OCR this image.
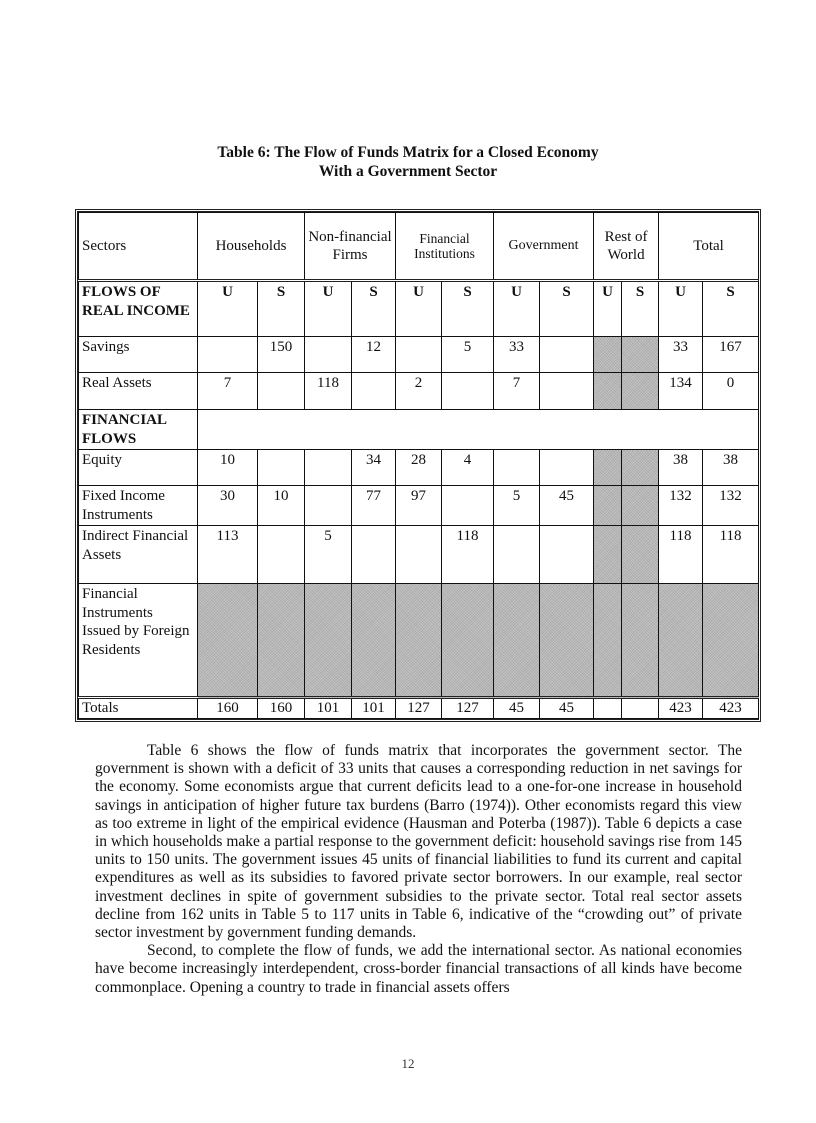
Table 6: The Flow of Funds Matrix for a Closed Economy
With a Government Sector
Sectors	Households		Non-financial Firms		Financial Institutions		Government		Rest of World		Total	
FLOWS OF REAL INCOME	U	S	U	S	U	S	U	S	U	S	U	S
Savings		150		12		5	33				33	167
Real Assets	7		118		2		7				134	0
FINANCIAL FLOWS												
Equity	10			34	28	4					38	38
Fixed Income Instruments	30	10		77	97		5	45			132	132
Indirect Financial Assets	113		5			118					118	118
Financial Instruments Issued by Foreign Residents												
Totals	160	160	101	101	127	127	45	45			423	423

Table 6 shows the flow of funds matrix that incorporates the government sector. The government is shown with a deficit of 33 units that causes a corresponding reduction in net savings for the economy. Some economists argue that current deficits lead to a one-for-one increase in household savings in anticipation of higher future tax burdens (Barro (1974)). Other economists regard this view as too extreme in light of the empirical evidence (Hausman and Poterba (1987)). Table 6 depicts a case in which households make a partial response to the government deficit: household savings rise from 145 units to 150 units. The government issues 45 units of financial liabilities to fund its current and capital expenditures as well as its subsidies to favored private sector borrowers. In our example, real sector investment declines in spite of government subsidies to the private sector. Total real sector assets decline from 162 units in Table 5 to 117 units in Table 6, indicative of the “crowding out” of private sector investment by government funding demands.

Second, to complete the flow of funds, we add the international sector. As national economies have become increasingly interdependent, cross-border financial transactions of all kinds have become commonplace. Opening a country to trade in financial assets offers

12
